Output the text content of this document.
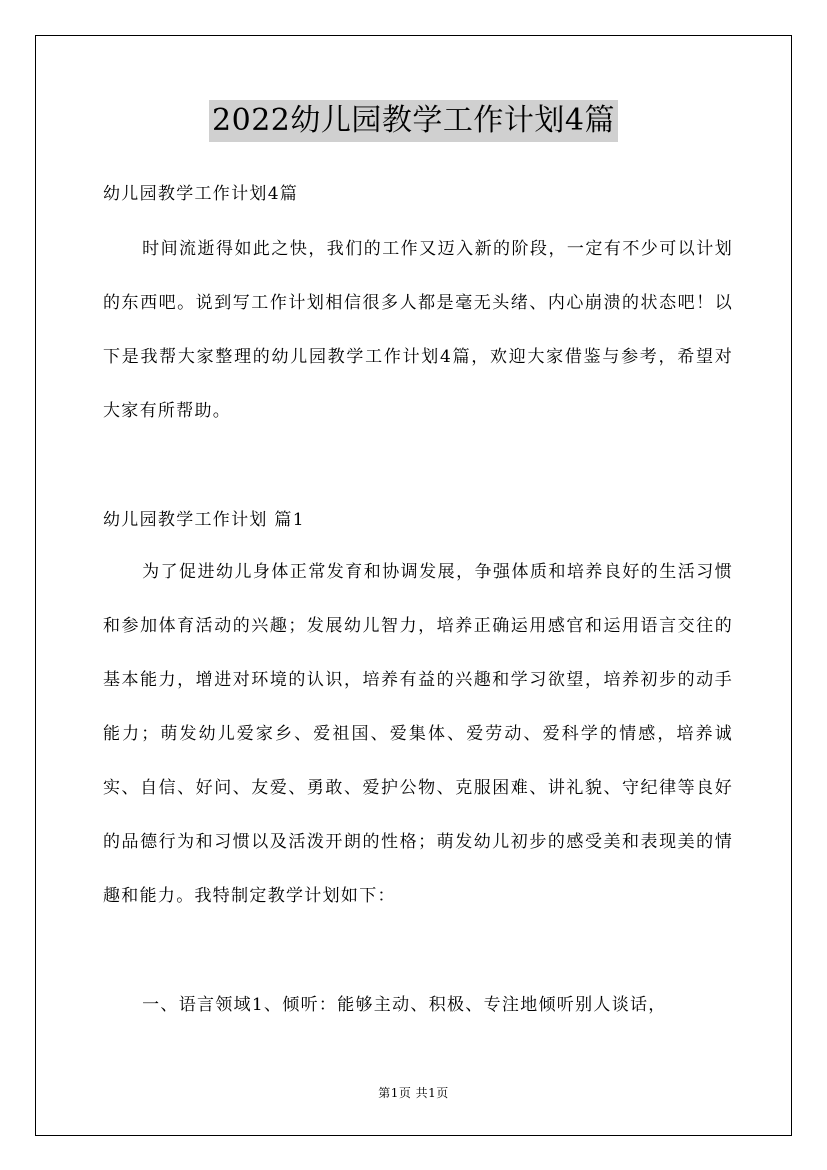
2022幼儿园教学工作计划4篇
幼儿园教学工作计划4篇

时间流逝得如此之快，我们的工作又迈入新的阶段，一定有不少可以计划的东西吧。说到写工作计划相信很多人都是毫无头绪、内心崩溃的状态吧！以下是我帮大家整理的幼儿园教学工作计划4篇，欢迎大家借鉴与参考，希望对大家有所帮助。

幼儿园教学工作计划 篇1

为了促进幼儿身体正常发育和协调发展，争强体质和培养良好的生活习惯和参加体育活动的兴趣；发展幼儿智力，培养正确运用感官和运用语言交往的基本能力，增进对环境的认识，培养有益的兴趣和学习欲望，培养初步的动手能力；萌发幼儿爱家乡、爱祖国、爱集体、爱劳动、爱科学的情感，培养诚实、自信、好问、友爱、勇敢、爱护公物、克服困难、讲礼貌、守纪律等良好的品德行为和习惯以及活泼开朗的性格；萌发幼儿初步的感受美和表现美的情趣和能力。我特制定教学计划如下：

一、语言领域1、倾听：能够主动、积极、专注地倾听别人谈话，

第1页 共1页
